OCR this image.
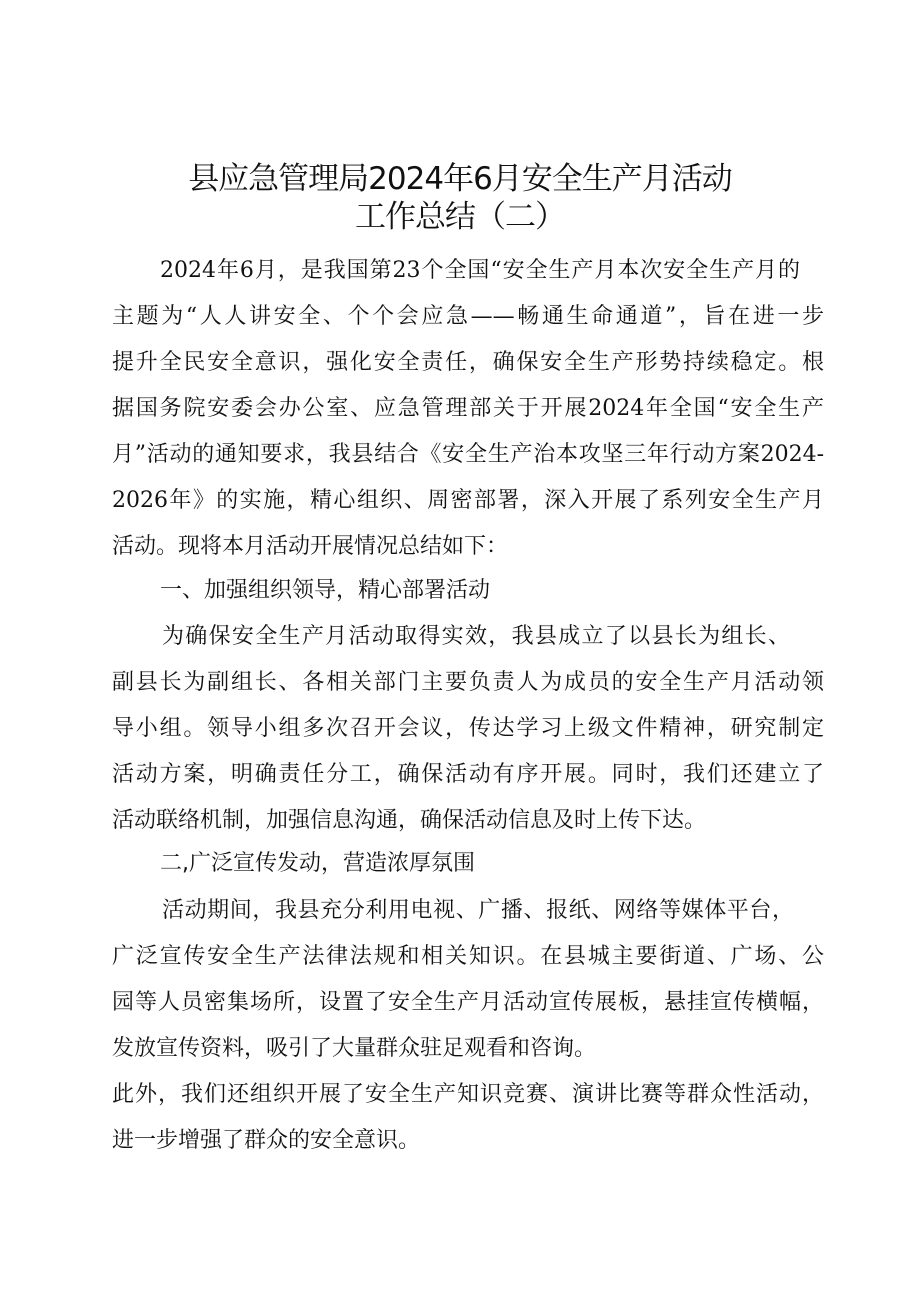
县应急管理局2024年6月安全生产月活动
工作总结（二）
2024年6月，是我国第23个全国“安全生产月本次安全生产月的
主题为“人人讲安全、个个会应急——畅通生命通道”，旨在进一步
提升全民安全意识，强化安全责任，确保安全生产形势持续稳定。根
据国务院安委会办公室、应急管理部关于开展2024年全国“安全生产
月”活动的通知要求，我县结合《安全生产治本攻坚三年行动方案2024-
2026年》的实施，精心组织、周密部署，深入开展了系列安全生产月
活动。现将本月活动开展情况总结如下：
一、加强组织领导，精心部署活动
为确保安全生产月活动取得实效，我县成立了以县长为组长、
副县长为副组长、各相关部门主要负责人为成员的安全生产月活动领
导小组。领导小组多次召开会议，传达学习上级文件精神，研究制定
活动方案，明确责任分工，确保活动有序开展。同时，我们还建立了
活动联络机制，加强信息沟通，确保活动信息及时上传下达。
二,广泛宣传发动，营造浓厚氛围
活动期间，我县充分利用电视、广播、报纸、网络等媒体平台，
广泛宣传安全生产法律法规和相关知识。在县城主要街道、广场、公
园等人员密集场所，设置了安全生产月活动宣传展板，悬挂宣传横幅，
发放宣传资料，吸引了大量群众驻足观看和咨询。
此外，我们还组织开展了安全生产知识竞赛、演讲比赛等群众性活动，
进一步增强了群众的安全意识。
